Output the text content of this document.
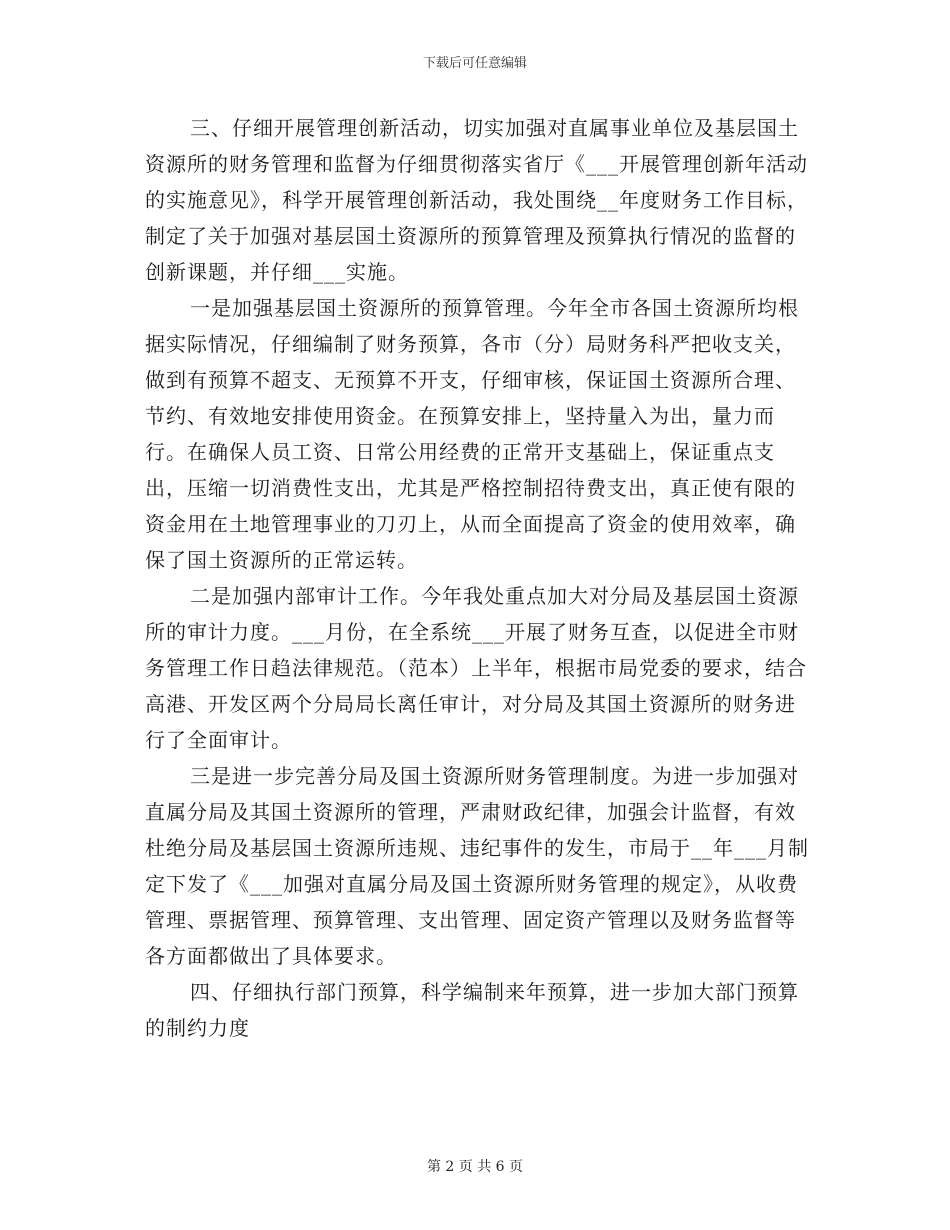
下载后可任意编辑

三、仔细开展管理创新活动，切实加强对直属事业单位及基层国土资源所的财务管理和监督为仔细贯彻落实省厅《___开展管理创新年活动的实施意见》，科学开展管理创新活动，我处围绕__年度财务工作目标，制定了关于加强对基层国土资源所的预算管理及预算执行情况的监督的创新课题，并仔细___实施。

一是加强基层国土资源所的预算管理。今年全市各国土资源所均根据实际情况，仔细编制了财务预算，各市（分）局财务科严把收支关，做到有预算不超支、无预算不开支，仔细审核，保证国土资源所合理、节约、有效地安排使用资金。在预算安排上，坚持量入为出，量力而行。在确保人员工资、日常公用经费的正常开支基础上，保证重点支出，压缩一切消费性支出，尤其是严格控制招待费支出，真正使有限的资金用在土地管理事业的刀刃上，从而全面提高了资金的使用效率，确保了国土资源所的正常运转。

二是加强内部审计工作。今年我处重点加大对分局及基层国土资源所的审计力度。___月份，在全系统___开展了财务互查，以促进全市财务管理工作日趋法律规范。（范本）上半年，根据市局党委的要求，结合高港、开发区两个分局局长离任审计，对分局及其国土资源所的财务进行了全面审计。

三是进一步完善分局及国土资源所财务管理制度。为进一步加强对直属分局及其国土资源所的管理，严肃财政纪律，加强会计监督，有效杜绝分局及基层国土资源所违规、违纪事件的发生，市局于__年___月制定下发了《___加强对直属分局及国土资源所财务管理的规定》，从收费管理、票据管理、预算管理、支出管理、固定资产管理以及财务监督等各方面都做出了具体要求。

四、仔细执行部门预算，科学编制来年预算，进一步加大部门预算的制约力度

第 2 页 共 6 页
